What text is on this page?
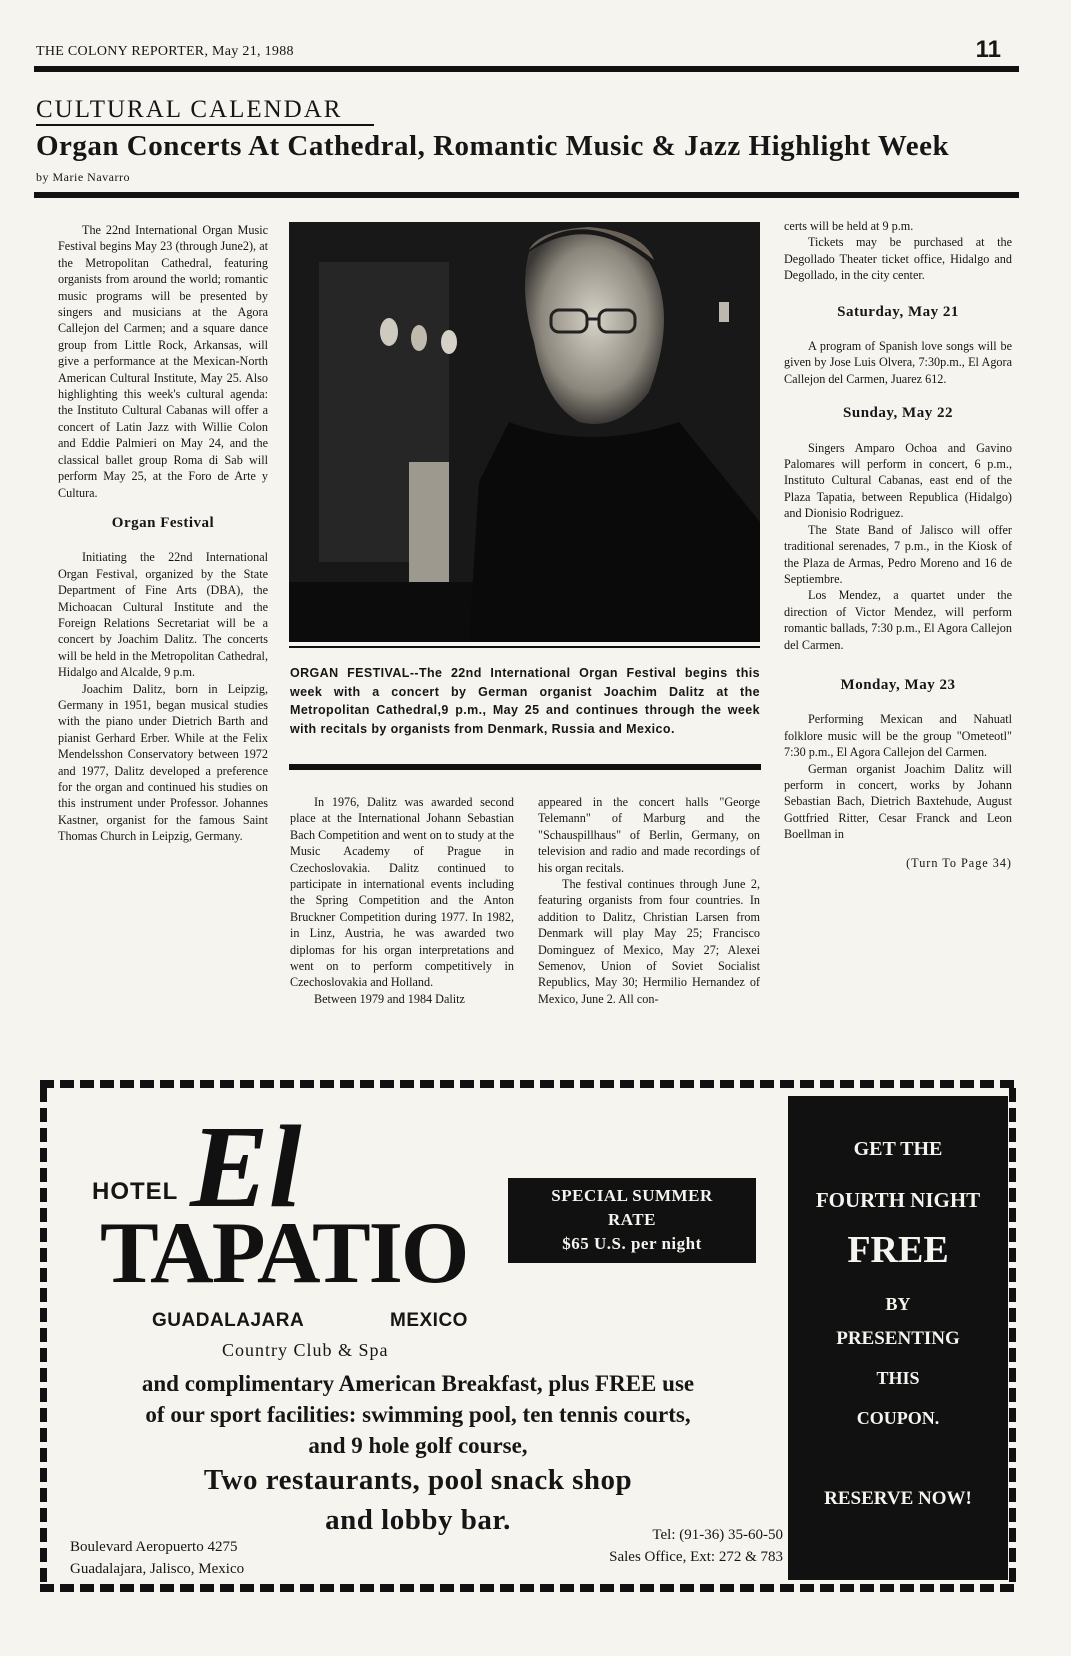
THE COLONY REPORTER, May 21, 1988	11
CULTURAL CALENDAR
Organ Concerts At Cathedral, Romantic Music & Jazz Highlight Week
by Marie Navarro

The 22nd International Organ Music Festival begins May 23 (through June2), at the Metropolitan Cathedral, featuring organists from around the world; romantic music programs will be presented by singers and musicians at the Agora Callejon del Carmen; and a square dance group from Little Rock, Arkansas, will give a performance at the Mexican-North American Cultural Institute, May 25. Also highlighting this week's cultural agenda: the Instituto Cultural Cabanas will offer a concert of Latin Jazz with Willie Colon and Eddie Palmieri on May 24, and the classical ballet group Roma di Sab will perform May 25, at the Foro de Arte y Cultura.

Organ Festival

Initiating the 22nd International Organ Festival, organized by the State Department of Fine Arts (DBA), the Michoacan Cultural Institute and the Foreign Relations Secretariat will be a concert by Joachim Dalitz. The concerts will be held in the Metropolitan Cathedral, Hidalgo and Alcalde, 9 p.m.

Joachim Dalitz, born in Leipzig, Germany in 1951, began musical studies with the piano under Dietrich Barth and pianist Gerhard Erber. While at the Felix Mendelsshon Conservatory between 1972 and 1977, Dalitz developed a preference for the organ and continued his studies on this instrument under Professor. Johannes Kastner, organist for the famous Saint Thomas Church in Leipzig, Germany.

ORGAN FESTIVAL--The 22nd International Organ Festival begins this week with a concert by German organist Joachim Dalitz at the Metropolitan Cathedral,9 p.m., May 25 and continues through the week with recitals by organists from Denmark, Russia and Mexico.

In 1976, Dalitz was awarded second place at the International Johann Sebastian Bach Competition and went on to study at the Music Academy of Prague in Czechoslovakia. Dalitz continued to participate in international events including the Spring Competition and the Anton Bruckner Competition during 1977. In 1982, in Linz, Austria, he was awarded two diplomas for his organ interpretations and went on to perform competitively in Czechoslovakia and Holland.

Between 1979 and 1984 Dalitz

appeared in the concert halls "George Telemann" of Marburg and the "Schauspillhaus" of Berlin, Germany, on television and radio and made recordings of his organ recitals.

The festival continues through June 2, featuring organists from four countries. In addition to Dalitz, Christian Larsen from Denmark will play May 25; Francisco Dominguez of Mexico, May 27; Alexei Semenov, Union of Soviet Socialist Republics, May 30; Hermilio Hernandez of Mexico, June 2. All con-

certs will be held at 9 p.m.

Tickets may be purchased at the Degollado Theater ticket office, Hidalgo and Degollado, in the city center.

Saturday, May 21

A program of Spanish love songs will be given by Jose Luis Olvera, 7:30p.m., El Agora Callejon del Carmen, Juarez 612.

Sunday, May 22

Singers Amparo Ochoa and Gavino Palomares will perform in concert, 6 p.m., Instituto Cultural Cabanas, east end of the Plaza Tapatia, between Republica (Hidalgo) and Dionisio Rodriguez.

The State Band of Jalisco will offer traditional serenades, 7 p.m., in the Kiosk of the Plaza de Armas, Pedro Moreno and 16 de Septiembre.

Los Mendez, a quartet under the direction of Victor Mendez, will perform romantic ballads, 7:30 p.m., El Agora Callejon del Carmen.

Monday, May 23

Performing Mexican and Nahuatl folklore music will be the group "Ometeotl" 7:30 p.m., El Agora Callejon del Carmen.

German organist Joachim Dalitz will perform in concert, works by Johann Sebastian Bach, Dietrich Baxtehude, August Gottfried Ritter, Cesar Franck and Leon Boellman in

(Turn To Page 34)
HOTEL El
TAPATIO
GUADALAJARA	MEXICO
Country Club & Spa
SPECIAL SUMMER
RATE
$65 U.S. per night
and complimentary American Breakfast, plus FREE use
of our sport facilities: swimming pool, ten tennis courts,
and 9 hole golf course,
Two restaurants, pool snack shop
and lobby bar.
Boulevard Aeropuerto 4275
Guadalajara, Jalisco, Mexico
Tel: (91-36) 35-60-50
Sales Office, Ext: 272 & 783
GET THE
FOURTH NIGHT
FREE
BY
PRESENTING
THIS
COUPON.
RESERVE NOW!
